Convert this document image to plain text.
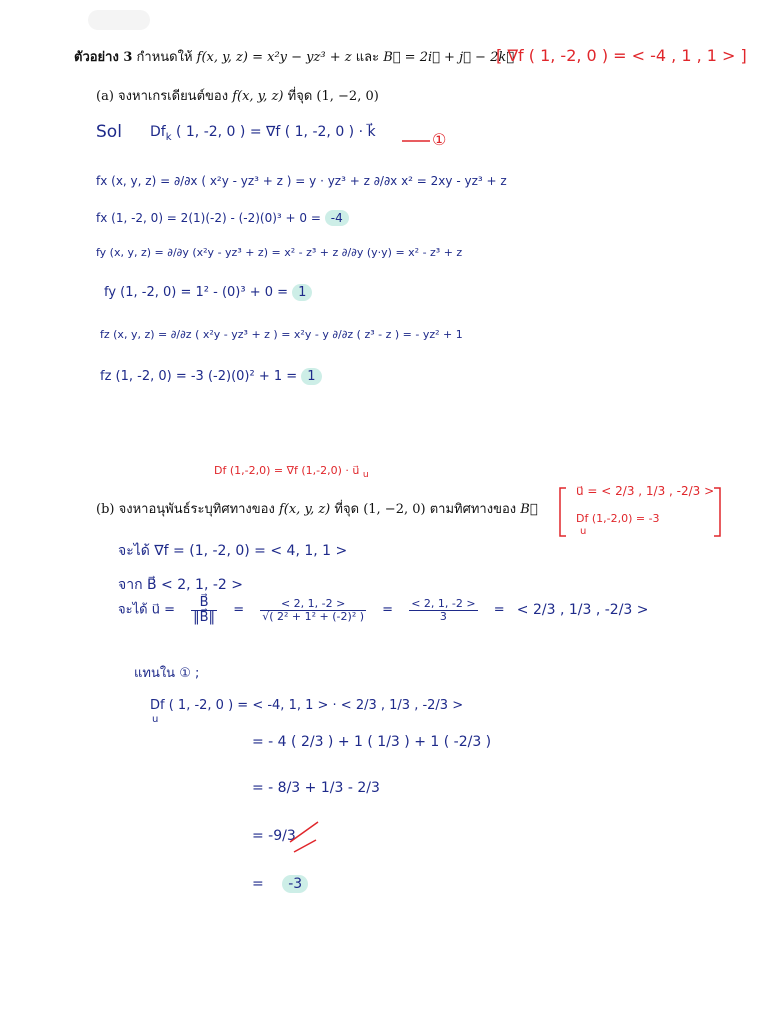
ตัวอย่าง 3 กำหนดให้ f(x, y, z) = x²y − yz³ + z และ B⃗ = 2i⃗ + j⃗ − 2k⃗
[ ∇f ( 1, -2, 0 ) = < -4 , 1 , 1 > ]
(a) จงหาเกรเดียนต์ของ f(x, y, z) ที่จุด (1, −2, 0)
Sol $Df_k$ ( 1, -2, 0 ) = ∇f ( 1, -2, 0 ) · k⃗	①
fx (x, y, z) = ∂/∂x ( x²y - yz³ + z ) = y · yz³ + z ∂/∂x x² = 2xy - yz³ + z
fx (1, -2, 0) = 2(1)(-2) - (-2)(0)³ + 0 = -4
fy (x, y, z) = ∂/∂y (x²y - yz³ + z) = x² - z³ + z ∂/∂y (y·y) = x² - z³ + z
fy (1, -2, 0) = 1² - (0)³ + 0 = 1
fz (x, y, z) = ∂/∂z ( x²y - yz³ + z ) = x²y - y ∂/∂z ( z³ - z ) = - yz² + 1
fz (1, -2, 0) = -3 (-2)(0)² + 1 = 1
Df (1,-2,0) = ∇f (1,-2,0) · u⃗ $_u$
(b) จงหาอนุพันธ์ระบุทิศทางของ f(x, y, z) ที่จุด (1, −2, 0) ตามทิศทางของ B⃗
u⃗ = < 2/3 , 1/3 , -2/3 >
Df (1,-2,0) = -3
u
จะได้ ∇f = (1, -2, 0) = < 4, 1, 1 >
จาก B⃗ < 2, 1, -2 >
จะได้ u⃗ = $\frac{B⃗}{‖B⃗‖} = \frac{< 2, 1, -2 >}{\text{√( 2² + 1² + (-2)² )}} = \frac{< 2, 1, -2 >}{3}$ = < 2/3 , 1/3 , -2/3 >
แทนใน ① ;
Df ( 1, -2, 0 ) = < -4, 1, 1 > · < 2/3 , 1/3 , -2/3 >
u
= - 4 ( 2/3 ) + 1 ( 1/3 ) + 1 ( -2/3 )
= - 8/3 + 1/3 - 2/3
= -9/3
= -3
